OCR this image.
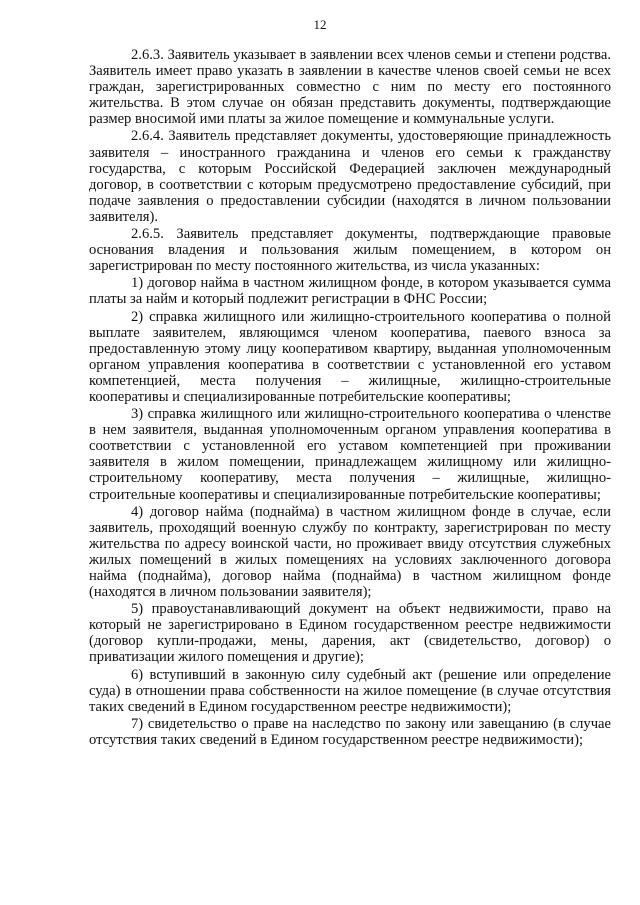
12

2.6.3. Заявитель указывает в заявлении всех членов семьи и степени родства. Заявитель имеет право указать в заявлении в качестве членов своей семьи не всех граждан, зарегистрированных совместно с ним по месту его постоянного жительства. В этом случае он обязан представить документы, подтверждающие размер вносимой ими платы за жилое помещение и коммунальные услуги.

2.6.4. Заявитель представляет документы, удостоверяющие принадлежность заявителя – иностранного гражданина и членов его семьи к гражданству государства, с которым Российской Федерацией заключен международный договор, в соответствии с которым предусмотрено предоставление субсидий, при подаче заявления о предоставлении субсидии (находятся в личном пользовании заявителя).

2.6.5. Заявитель представляет документы, подтверждающие правовые основания владения и пользования жилым помещением, в котором он зарегистрирован по месту постоянного жительства, из числа указанных:

1) договор найма в частном жилищном фонде, в котором указывается сумма платы за найм и который подлежит регистрации в ФНС России;

2) справка жилищного или жилищно-строительного кооператива о полной выплате заявителем, являющимся членом кооператива, паевого взноса за предоставленную этому лицу кооперативом квартиру, выданная уполномоченным органом управления кооператива в соответствии с установленной его уставом компетенцией, места получения – жилищные, жилищно-строительные кооперативы и специализированные потребительские кооперативы;

3) справка жилищного или жилищно-строительного кооператива о членстве в нем заявителя, выданная уполномоченным органом управления кооператива в соответствии с установленной его уставом компетенцией при проживании заявителя в жилом помещении, принадлежащем жилищному или жилищно-строительному кооперативу, места получения – жилищные, жилищно-строительные кооперативы и специализированные потребительские кооперативы;

4) договор найма (поднайма) в частном жилищном фонде в случае, если заявитель, проходящий военную службу по контракту, зарегистрирован по месту жительства по адресу воинской части, но проживает ввиду отсутствия служебных жилых помещений в жилых помещениях на условиях заключенного договора найма (поднайма), договор найма (поднайма) в частном жилищном фонде (находятся в личном пользовании заявителя);

5) правоустанавливающий документ на объект недвижимости, право на который не зарегистрировано в Едином государственном реестре недвижимости (договор купли-продажи, мены, дарения, акт (свидетельство, договор) о приватизации жилого помещения и другие);

6) вступивший в законную силу судебный акт (решение или определение суда) в отношении права собственности на жилое помещение (в случае отсутствия таких сведений в Едином государственном реестре недвижимости);

7) свидетельство о праве на наследство по закону или завещанию (в случае отсутствия таких сведений в Едином государственном реестре недвижимости);
